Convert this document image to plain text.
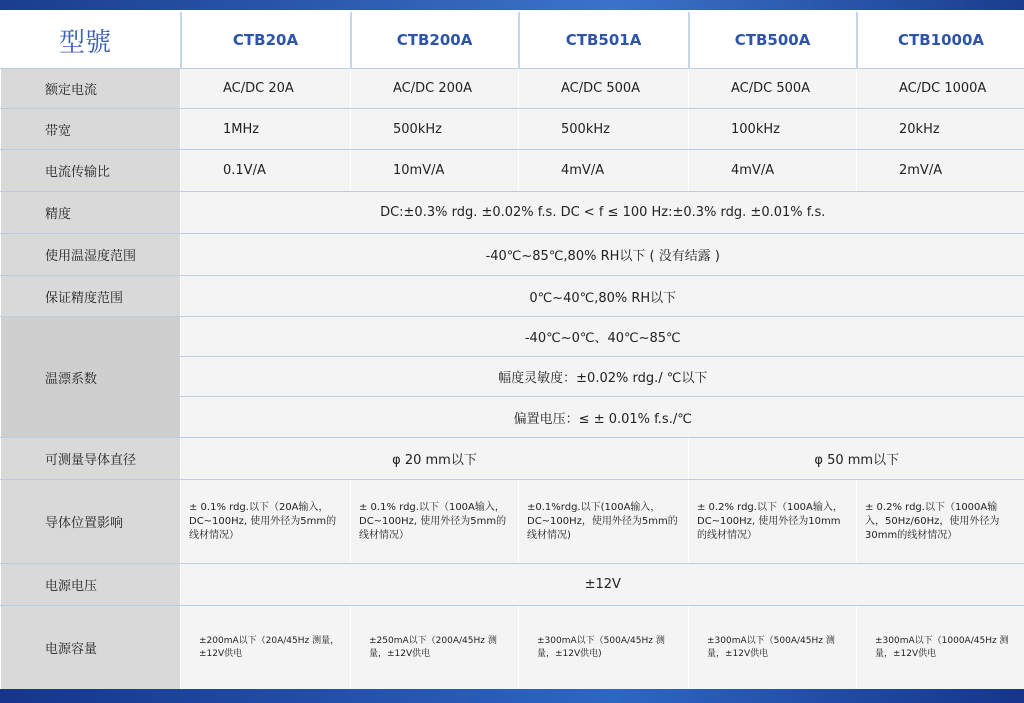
型號	CTB20A	CTB200A	CTB501A	CTB500A	CTB1000A
额定电流	AC/DC 20A	AC/DC 200A	AC/DC 500A	AC/DC 500A	AC/DC 1000A
带宽	1MHz	500kHz	500kHz	100kHz	20kHz
电流传输比	0.1V/A	10mV/A	4mV/A	4mV/A	2mV/A
精度	DC:±0.3% rdg. ±0.02% f.s. DC < f ≤ 100 Hz:±0.3% rdg. ±0.01% f.s.				
使用温湿度范围	-40℃~85℃,80% RH以下 ( 没有结露 )				
保证精度范围	0℃~40℃,80% RH以下				
温漂系数	-40℃~0℃、40℃~85℃				
	幅度灵敏度：±0.02% rdg./ ℃以下				
	偏置电压：≤ ± 0.01% f.s./℃				
可测量导体直径	φ 20 mm以下			φ 50 mm以下	
导体位置影响	± 0.1% rdg.以下（20A输入，DC~100Hz, 使用外径为5mm的线材情况）	± 0.1% rdg.以下（100A输入，DC~100Hz, 使用外径为5mm的线材情况）	±0.1%rdg.以下(100A输入，DC~100Hz，使用外径为5mm的线材情况)	± 0.2% rdg.以下（100A输入，DC~100Hz, 使用外径为10mm的线材情况）	± 0.2% rdg.以下（1000A输入，50Hz/60Hz，使用外径为30mm的线材情况）
电源电压	±12V				
电源容量	±200mA以下（20A/45Hz 测量，±12V供电	±250mA以下（200A/45Hz 测量，±12V供电	±300mA以下（500A/45Hz 测量，±12V供电)	±300mA以下（500A/45Hz 测量，±12V供电	±300mA以下（1000A/45Hz 测量，±12V供电
